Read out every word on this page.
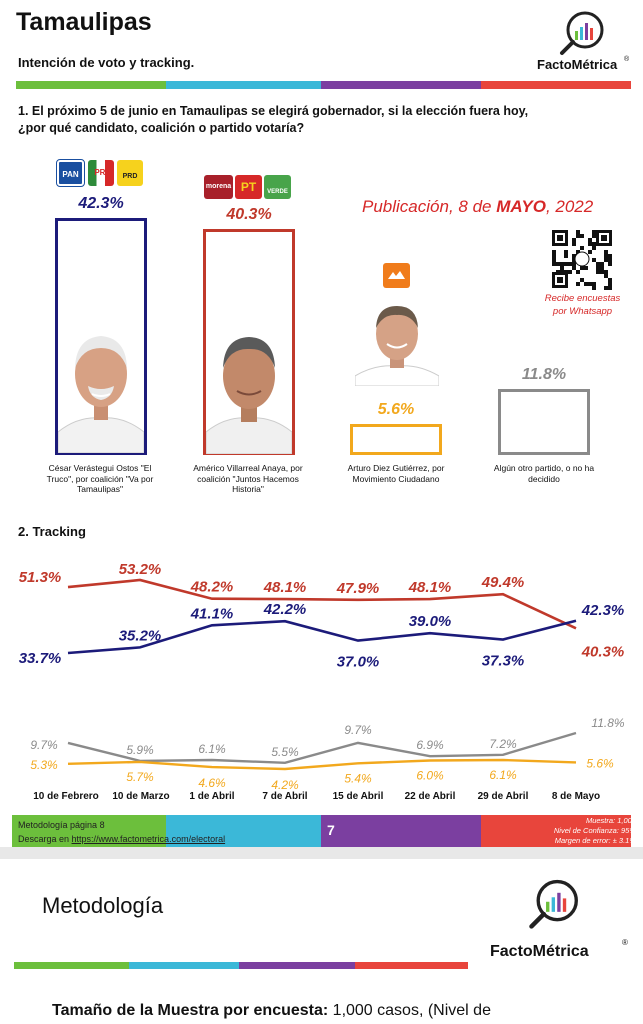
Tamaulipas
Intención de voto y tracking.	FactoMétrica ®
1. El próximo 5 de junio en Tamaulipas se elegirá gobernador, si la elección fuera hoy,
¿por qué candidato, coalición o partido votaría?
PAN	PRI	PRD
morena PT	VERDE
Publicación, 8 de MAYO, 2022
Recibe encuestas
por Whatsapp
42.3%
40.3%
5.6%
11.8%
César Verástegui Ostos "El
Truco", por coalición "Va por
Tamaulipas"
Américo Villarreal Anaya, por
coalición "Juntos Hacemos
Historia"
Arturo Diez Gutiérrez, por
Movimiento Ciudadano
Algún otro partido, o no ha
decidido
2. Tracking
51.3%	53.2%
48.2% 48.1% 47.9% 48.1% 49.4%
40.3%
33.7%
35.2%
41.1% 42.2%
37.0%
39.0%
37.3%
42.3%
9.7%	5.9%	6.1%	5.5%
9.7%
6.9%	7.2%
11.8%
5.3%
5.7%	4.6%	4.2%	5.4%	6.0%	6.1%
5.6%
10 de Febrero 10 de Marzo 1 de Abril	7 de Abril	15 de Abril 22 de Abril 29 de Abril 8 de Mayo
Metodología página 8
Descarga en https://www.factometrica.com/electoral
7
Muestra: 1,000
Nivel de Confianza: 95%
Margen de error: ± 3.1%
Metodología
FactoMétrica
®
Tamaño de la Muestra por encuesta: 1,000 casos, (Nivel de
